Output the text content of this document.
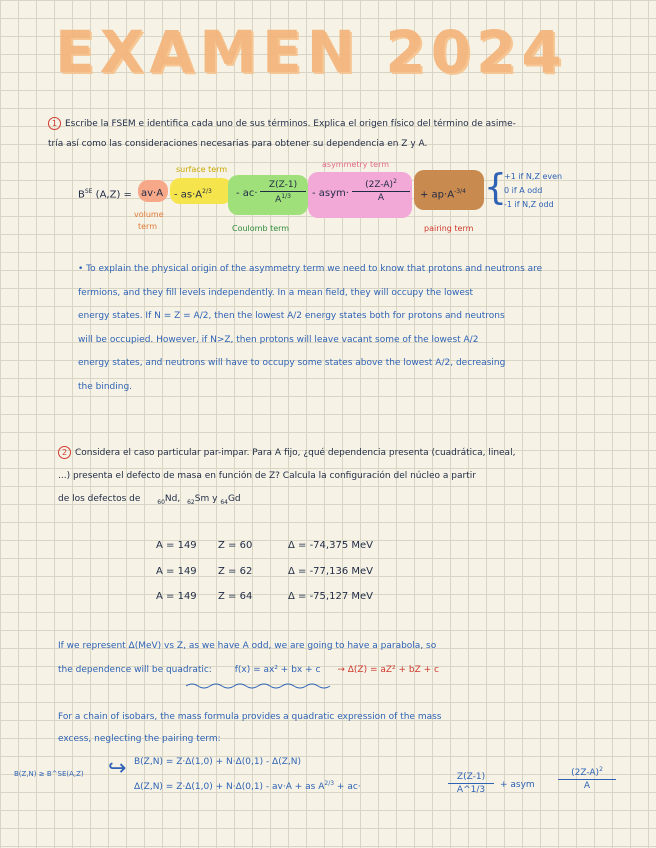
EXAMEN 2024
1 Escribe la FSEM e identifica cada uno de sus términos. Explica el origen físico del término de asime-
tría así como las consideraciones necesarias para obtener su dependencia en Z y A.
$B^{SE}$ $(A,Z) = av\cdot A - as\cdot A^{2/3} - ac\cdot$
Z(Z-1)
$A^{1/3}$	- asym·
$(2Z-A)^2$
A	+ $ap\cdot A^{-3/4}$ {
+1 if N,Z even
0 if A odd
-1 if N,Z odd
surface term
asymmetry term
volume
term	Coulomb term	pairing term
• To explain the physical origin of the asymmetry term we need to know that protons and neutrons are
fermions, and they fill levels independently. In a mean field, they will occupy the lowest
energy states. If N = Z = A/2, then the lowest A/2 energy states both for protons and neutrons
will be occupied. However, if N>Z, then protons will leave vacant some of the lowest A/2
energy states, and neutrons will have to occupy some states above the lowest A/2, decreasing
the binding.
2 Considera el caso particular par-impar. Para A fijo, ¿qué dependencia presenta (cuadrática, lineal,
...) presenta el defecto de masa en función de Z? Calcula la configuración del núcleo a partir
de los defectos de	$_{60}$Nd, $_{62}$Sm y $_{64}$Gd
A = 149 Z = 60	Δ = -74,375 MeV
A = 149 Z = 62	Δ = -77,136 MeV
A = 149 Z = 64	Δ = -75,127 MeV
If we represent Δ(MeV) vs Z, as we have A odd, we are going to have a parabola, so
the dependence will be quadratic:	f(x) = ax² + bx + c → Δ(Z) = aZ² + bZ + c
For a chain of isobars, the mass formula provides a quadratic expression of the mass
excess, neglecting the pairing term:
B(Z,N) ≥ B^SE(A,Z) ↪ B(Z,N) = Z·Δ(1,0) + N·Δ(0,1) - Δ(Z,N)
Δ(Z,N) = Z·Δ(1,0) + N·Δ(0,1) - av·A + as $A^{2/3} + ac\cdot$
Z(Z-1)
A^1/3	+ asym
$(2Z-A)^2$
A
